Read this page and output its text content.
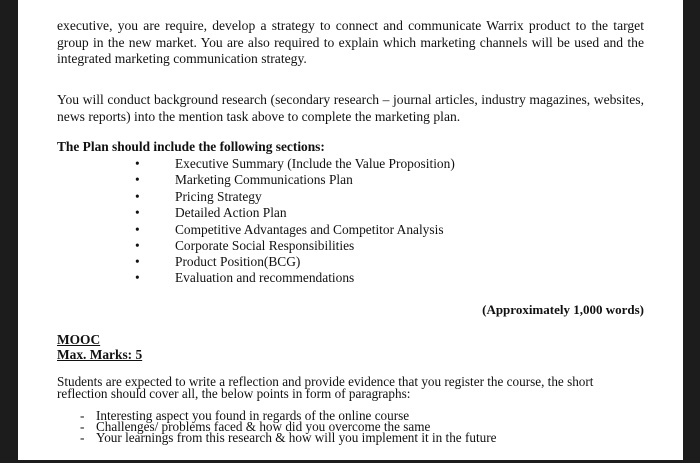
executive, you are require, develop a strategy to connect and communicate Warrix product to the target group in the new market. You are also required to explain which marketing channels will be used and the integrated marketing communication strategy.
You will conduct background research (secondary research – journal articles, industry magazines, websites, news reports) into the mention task above to complete the marketing plan.
The Plan should include the following sections:
•	Executive Summary (Include the Value Proposition)
•	Marketing Communications Plan
•	Pricing Strategy
•	Detailed Action Plan
•	Competitive Advantages and Competitor Analysis
•	Corporate Social Responsibilities
•	Product Position(BCG)
•	Evaluation and recommendations
(Approximately 1,000 words)
MOOC
Max. Marks: 5
Students are expected to write a reflection and provide evidence that you register the course, the short reflection should cover all, the below points in form of paragraphs:
- Interesting aspect you found in regards of the online course
- Challenges/ problems faced & how did you overcome the same
- Your learnings from this research & how will you implement it in the future
